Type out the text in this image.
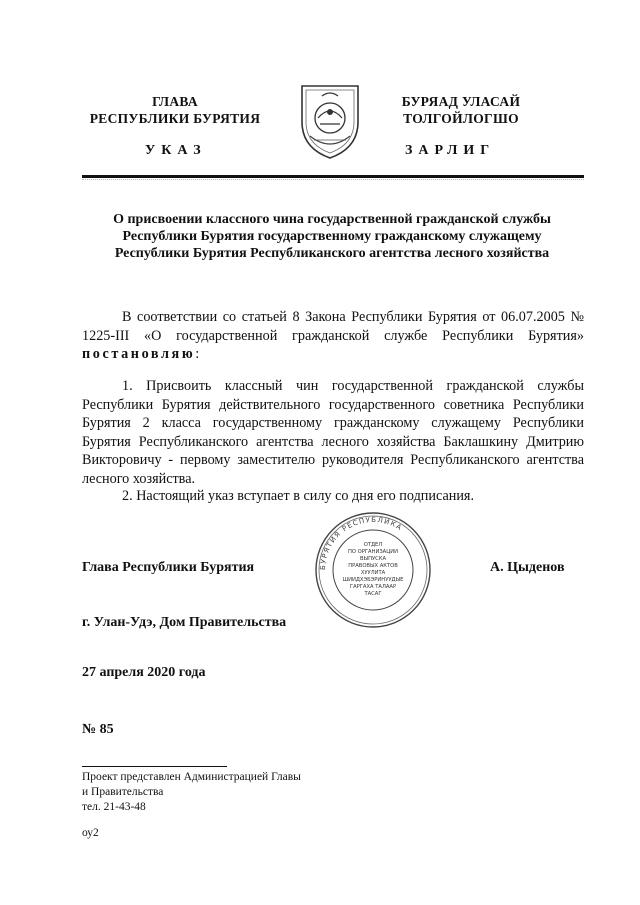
ГЛАВА
РЕСПУБЛИКИ БУРЯТИЯ
БУРЯАД УЛАСАЙ
ТОЛГОЙЛОГШО
УКАЗ	ЗАРЛИГ
О присвоении классного чина государственной гражданской службы Республики Бурятия государственному гражданскому служащему Республики Бурятия Республиканского агентства лесного хозяйства
В соответствии со статьей 8 Закона Республики Бурятия от 06.07.2005 № 1225-III «О государственной гражданской службе Республики Бурятия» постановляю:
1. Присвоить классный чин государственной гражданской службы Республики Бурятия действительного государственного советника Республики Бурятия 2 класса государственному гражданскому служащему Республики Бурятия Республиканского агентства лесного хозяйства Баклашкину Дмитрию Викторовичу - первому заместителю руководителя Республиканского агентства лесного хозяйства.
2. Настоящий указ вступает в силу со дня его подписания.
Глава Республики Бурятия	БУРЯТИЯ РЕСПУБЛИКА
ОТДЕЛ
ПО ОРГАНИЗАЦИИ
ВЫПУСКА
ПРАВОВЫХ АКТОВ
ХУУЛИТА
ШИИДХЭБЭРИНУУДЫЕ
ГАРГАХА ТАЛААР
ТАСАГ
А. Цыденов
г. Улан-Удэ, Дом Правительства
27 апреля 2020 года
№ 85
Проект представлен Администрацией Главы
и Правительства
тел. 21-43-48
оу2
